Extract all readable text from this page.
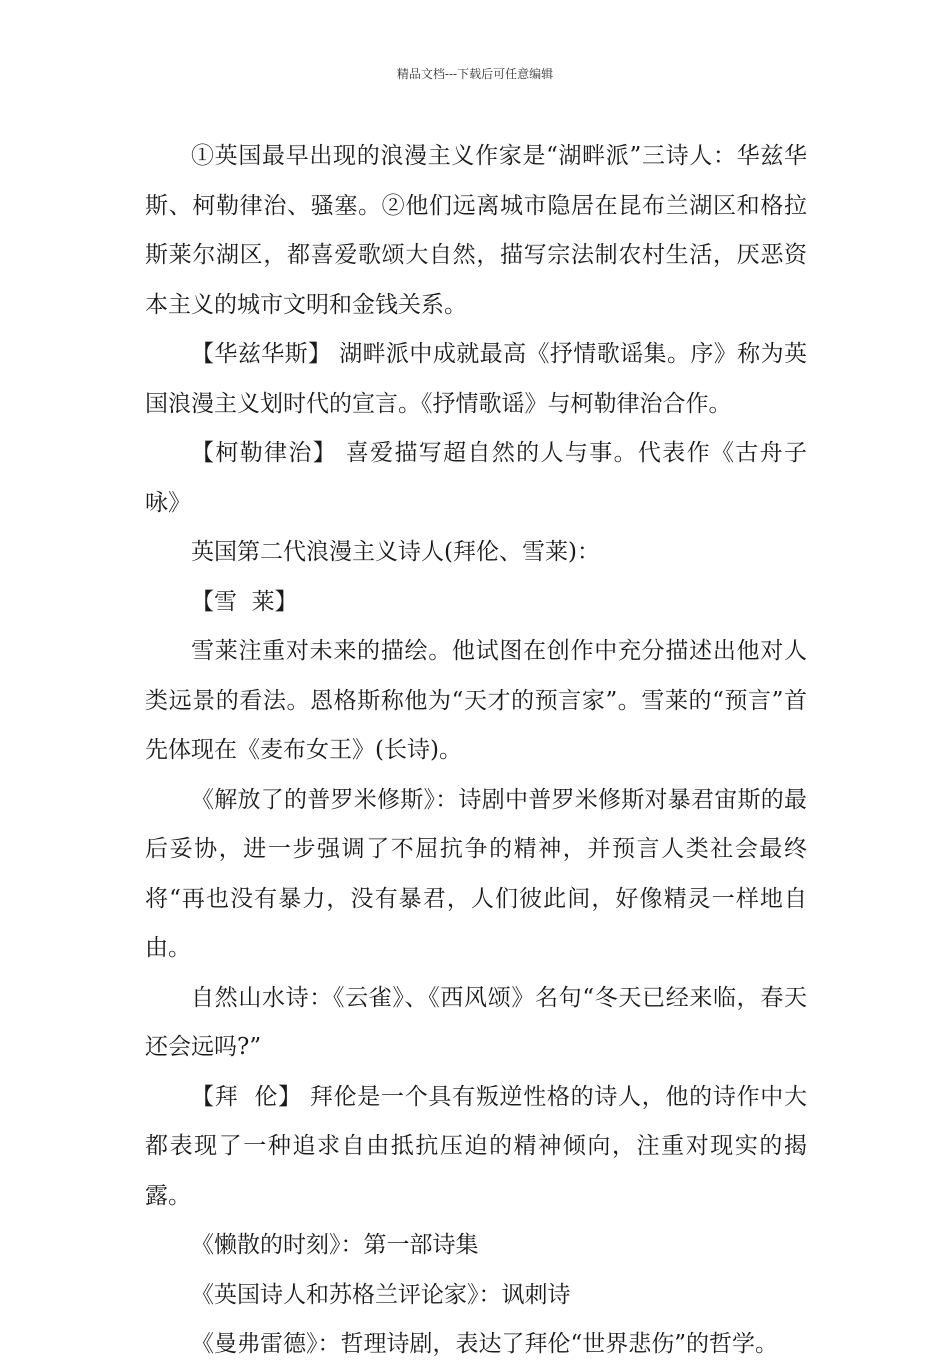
精品文档---下载后可任意编辑

①英国最早出现的浪漫主义作家是“湖畔派”三诗人：华兹华斯、柯勒律治、骚塞。②他们远离城市隐居在昆布兰湖区和格拉斯莱尔湖区，都喜爱歌颂大自然，描写宗法制农村生活，厌恶资本主义的城市文明和金钱关系。

【华兹华斯】 湖畔派中成就最高《抒情歌谣集。序》称为英国浪漫主义划时代的宣言。《抒情歌谣》与柯勒律治合作。

【柯勒律治】 喜爱描写超自然的人与事。代表作《古舟子咏》

英国第二代浪漫主义诗人(拜伦、雪莱)：

【雪  莱】

雪莱注重对未来的描绘。他试图在创作中充分描述出他对人类远景的看法。恩格斯称他为“天才的预言家”。雪莱的“预言”首先体现在《麦布女王》(长诗)。

《解放了的普罗米修斯》：诗剧中普罗米修斯对暴君宙斯的最后妥协，进一步强调了不屈抗争的精神，并预言人类社会最终将“再也没有暴力，没有暴君，人们彼此间，好像精灵一样地自由。

自然山水诗：《云雀》、《西风颂》名句“冬天已经来临，春天还会远吗?”

【拜  伦】 拜伦是一个具有叛逆性格的诗人，他的诗作中大都表现了一种追求自由抵抗压迫的精神倾向，注重对现实的揭露。

《懒散的时刻》：第一部诗集

《英国诗人和苏格兰评论家》：讽刺诗

《曼弗雷德》：哲理诗剧，表达了拜伦“世界悲伤”的哲学。
